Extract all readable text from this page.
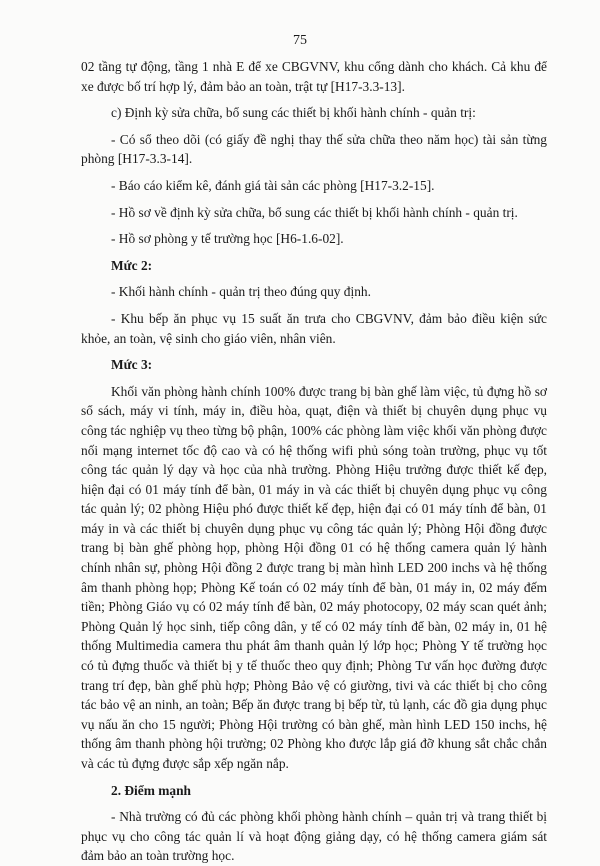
75

02 tầng tự động, tầng 1 nhà E để xe CBGVNV, khu cổng dành cho khách. Cả khu để xe được bố trí hợp lý, đảm bảo an toàn, trật tự [H17-3.3-13].

c) Định kỳ sửa chữa, bổ sung các thiết bị khối hành chính - quản trị:

- Có sổ theo dõi (có giấy đề nghị thay thế sửa chữa theo năm học) tài sản từng phòng [H17-3.3-14].

- Báo cáo kiểm kê, đánh giá tài sản các phòng [H17-3.2-15].

- Hồ sơ về định kỳ sửa chữa, bổ sung các thiết bị khối hành chính - quản trị.

- Hồ sơ phòng y tế trường học [H6-1.6-02].

Mức 2:

- Khối hành chính - quản trị theo đúng quy định.

- Khu bếp ăn phục vụ 15 suất ăn trưa cho CBGVNV, đảm bảo điều kiện sức khỏe, an toàn, vệ sinh cho giáo viên, nhân viên.

Mức 3:

Khối văn phòng hành chính 100% được trang bị bàn ghế làm việc, tủ đựng hồ sơ sổ sách, máy vi tính, máy in, điều hòa, quạt, điện và thiết bị chuyên dụng phục vụ công tác nghiệp vụ theo từng bộ phận, 100% các phòng làm việc khối văn phòng được nối mạng internet tốc độ cao và có hệ thống wifi phủ sóng toàn trường, phục vụ tốt công tác quản lý dạy và học của nhà trường. Phòng Hiệu trưởng được thiết kế đẹp, hiện đại có 01 máy tính để bàn, 01 máy in và các thiết bị chuyên dụng phục vụ công tác quản lý; 02 phòng Hiệu phó được thiết kế đẹp, hiện đại có 01 máy tính để bàn, 01 máy in và các thiết bị chuyên dụng phục vụ công tác quản lý; Phòng Hội đồng được trang bị bàn ghế phòng họp, phòng Hội đồng 01 có hệ thống camera quản lý hành chính nhân sự, phòng Hội đồng 2 được trang bị màn hình LED 200 inchs và hệ thống âm thanh phòng họp; Phòng Kế toán có 02 máy tính để bàn, 01 máy in, 02 máy đếm tiền; Phòng Giáo vụ có 02 máy tính để bàn, 02 máy photocopy, 02 máy scan quét ảnh; Phòng Quản lý học sinh, tiếp công dân, y tế có 02 máy tính để bàn, 02 máy in, 01 hệ thống Multimedia camera thu phát âm thanh quản lý lớp học; Phòng Y tế trường học có tủ đựng thuốc và thiết bị y tế thuốc theo quy định; Phòng Tư vấn học đường được trang trí đẹp, bàn ghế phù hợp; Phòng Bảo vệ có giường, tivi và các thiết bị cho công tác bảo vệ an ninh, an toàn; Bếp ăn được trang bị bếp từ, tủ lạnh, các đồ gia dụng phục vụ nấu ăn cho 15 người; Phòng Hội trường có bàn ghế, màn hình LED 150 inchs, hệ thống âm thanh phòng hội trường; 02 Phòng kho được lắp giá đỡ khung sắt chắc chắn và các tủ đựng được sắp xếp ngăn nắp.

2. Điểm mạnh

- Nhà trường có đủ các phòng khối phòng hành chính – quản trị và trang thiết bị phục vụ cho công tác quản lí và hoạt động giảng dạy, có hệ thống camera giám sát đảm bảo an toàn trường học.
